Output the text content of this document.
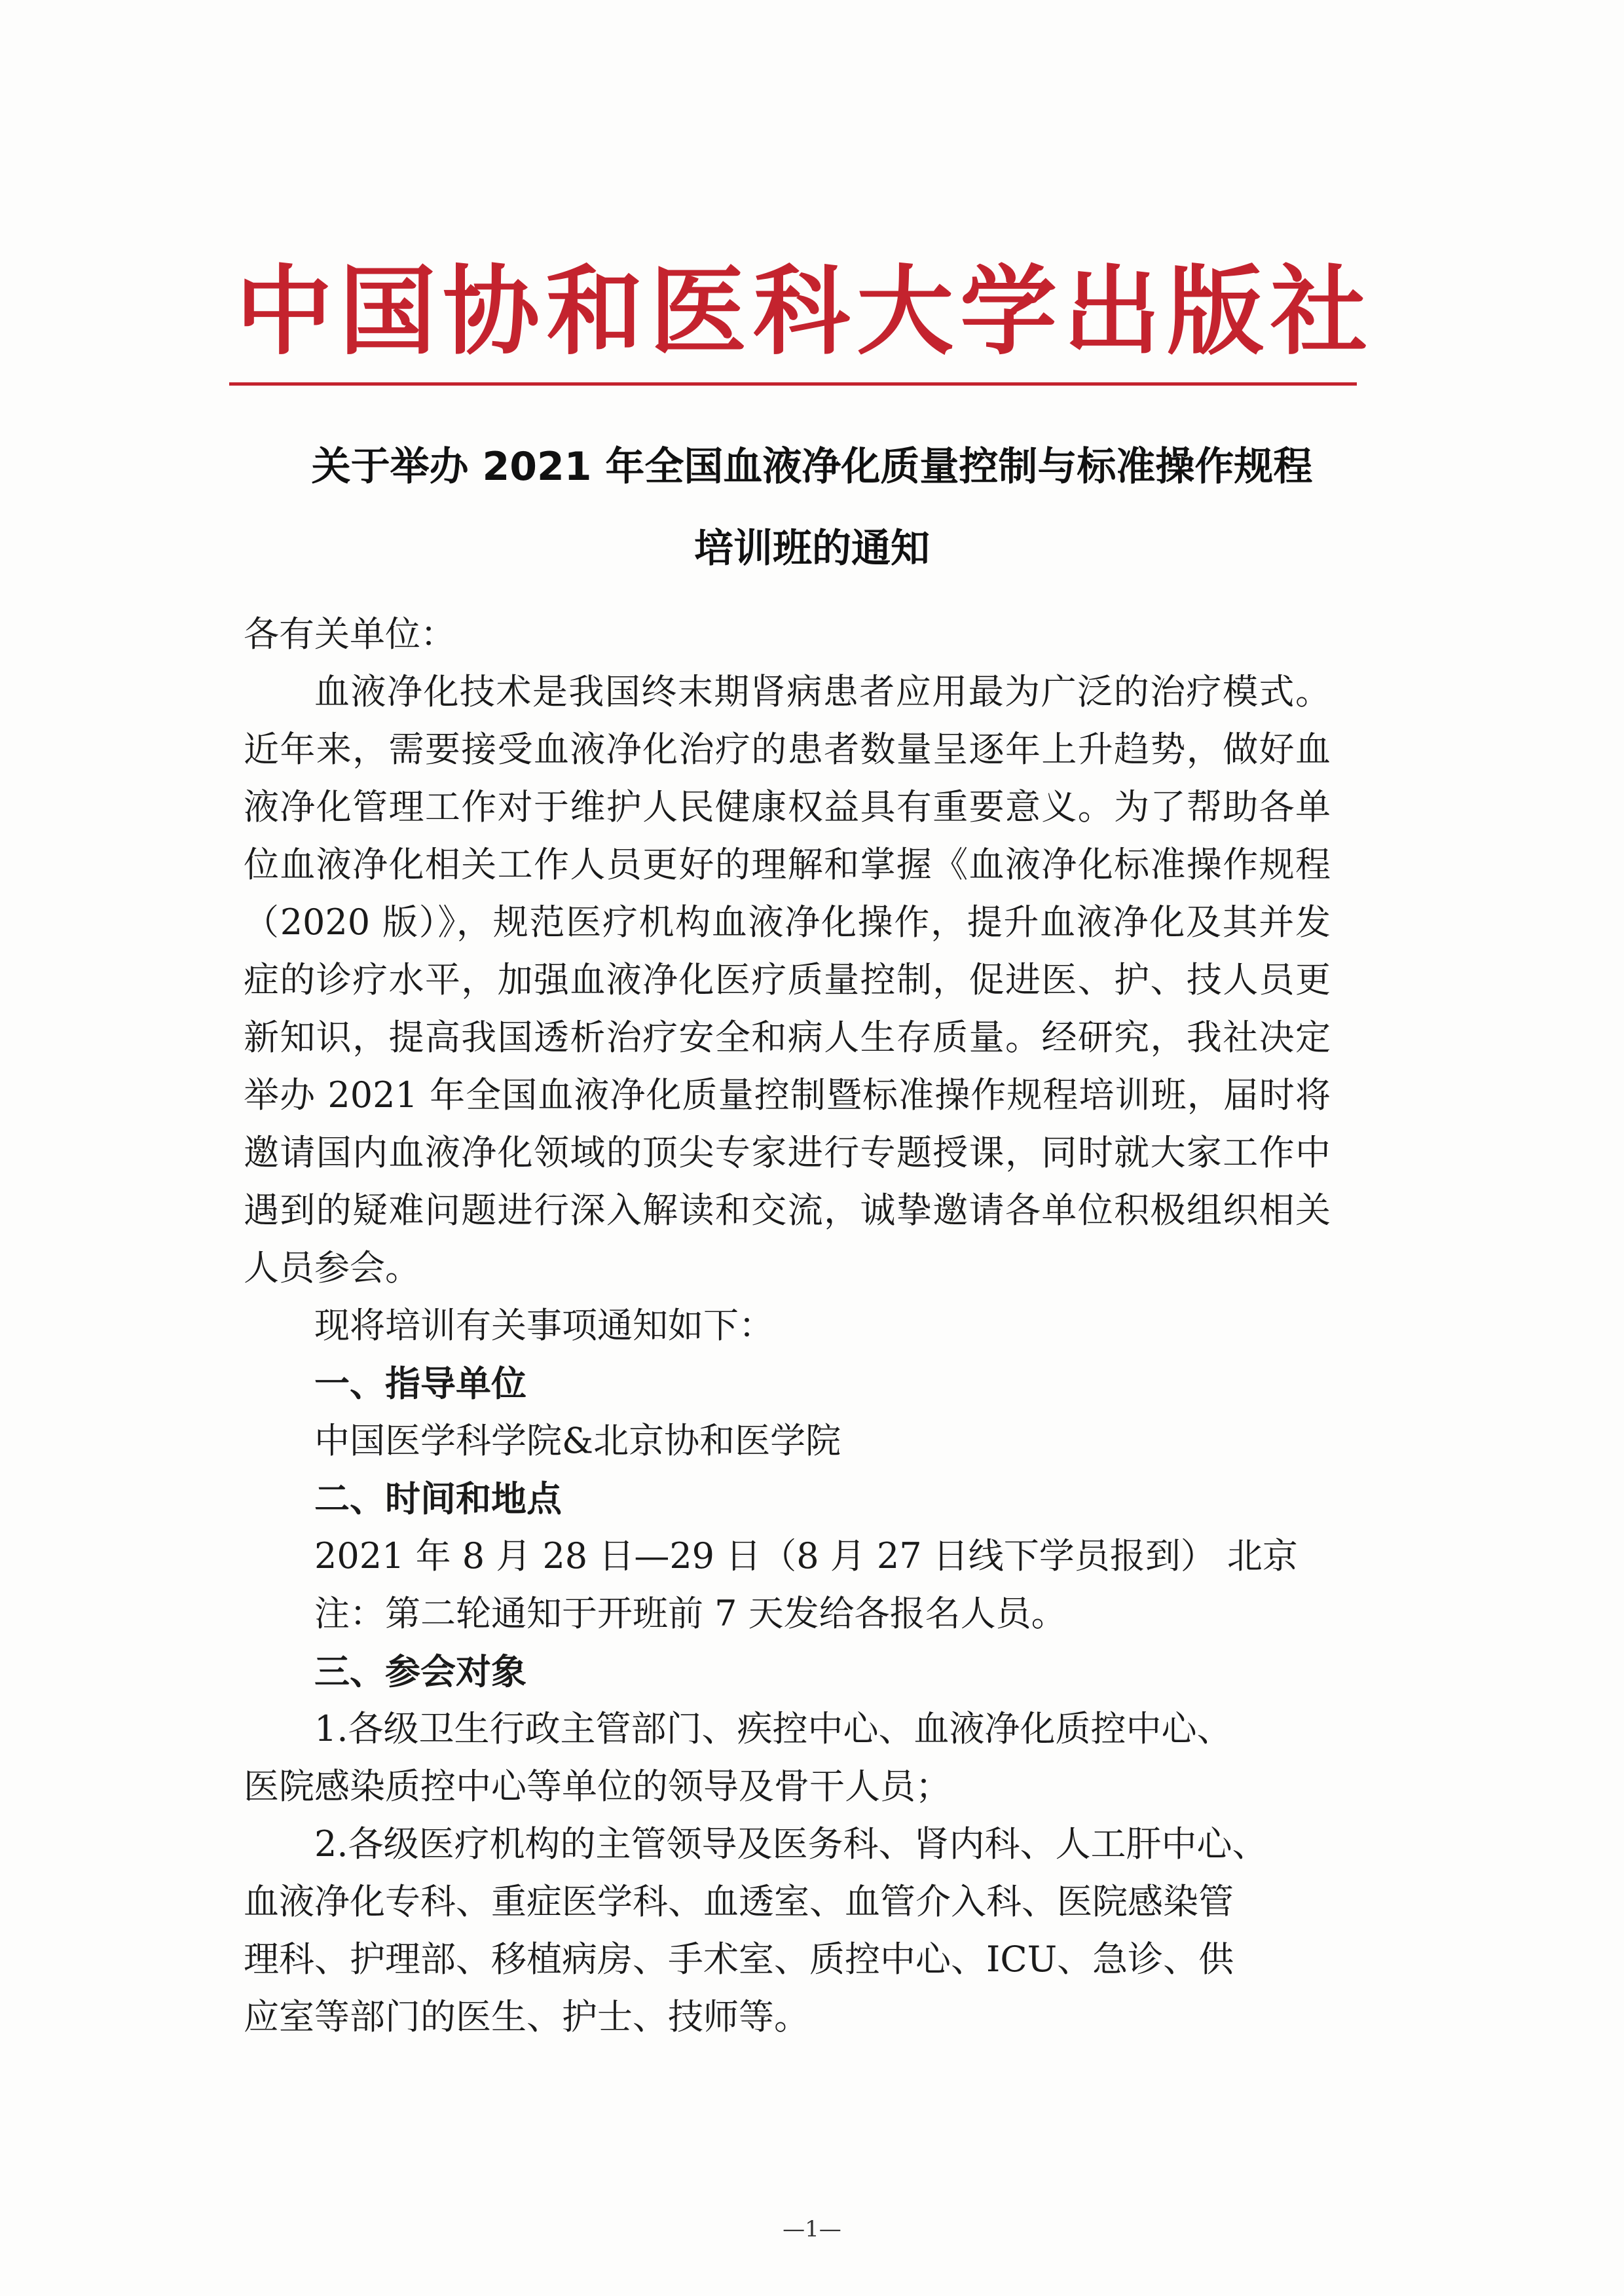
中国协和医科大学出版社
关于举办 2021 年全国血液净化质量控制与标准操作规程
培训班的通知
各有关单位：
血液净化技术是我国终末期肾病患者应用最为广泛的治疗模式。近年来，需要接受血液净化治疗的患者数量呈逐年上升趋势，做好血液净化管理工作对于维护人民健康权益具有重要意义。为了帮助各单位血液净化相关工作人员更好的理解和掌握《血液净化标准操作规程（2020 版）》，规范医疗机构血液净化操作，提升血液净化及其并发症的诊疗水平，加强血液净化医疗质量控制，促进医、护、技人员更新知识，提高我国透析治疗安全和病人生存质量。经研究，我社决定举办 2021 年全国血液净化质量控制暨标准操作规程培训班，届时将邀请国内血液净化领域的顶尖专家进行专题授课，同时就大家工作中遇到的疑难问题进行深入解读和交流，诚挚邀请各单位积极组织相关人员参会。
现将培训有关事项通知如下：
一、指导单位
中国医学科学院&北京协和医学院
二、时间和地点
2021 年 8 月 28 日—29 日（8 月 27 日线下学员报到） 北京
注：第二轮通知于开班前 7 天发给各报名人员。
三、参会对象
1.各级卫生行政主管部门、疾控中心、血液净化质控中心、
医院感染质控中心等单位的领导及骨干人员；
2.各级医疗机构的主管领导及医务科、肾内科、人工肝中心、
血液净化专科、重症医学科、血透室、血管介入科、医院感染管
理科、护理部、移植病房、手术室、质控中心、ICU、急诊、供
应室等部门的医生、护士、技师等。
—1—
